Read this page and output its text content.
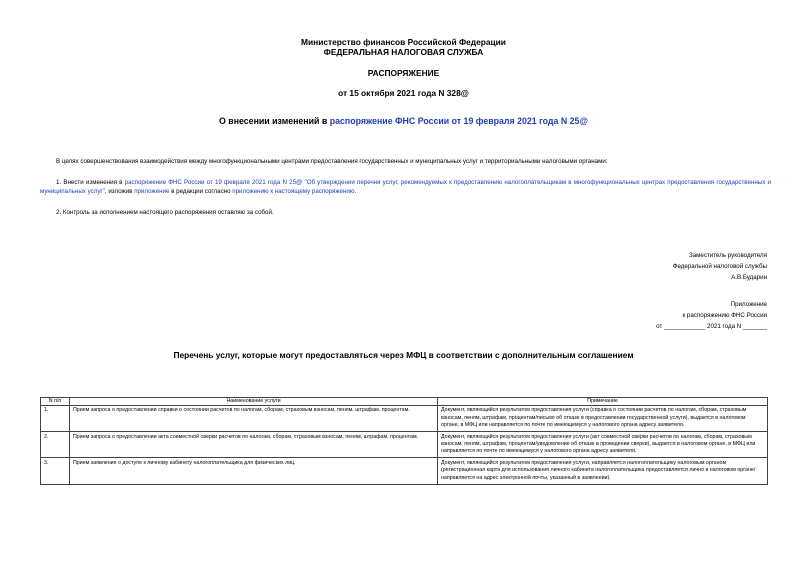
Министерство финансов Российской Федерации
ФЕДЕРАЛЬНАЯ НАЛОГОВАЯ СЛУЖБА
РАСПОРЯЖЕНИЕ
от 15 октября 2021 года N 328@
О внесении изменений в распоряжение ФНС России от 19 февраля 2021 года N 25@
В целях совершенствования взаимодействия между многофункциональными центрами предоставления государственных и муниципальных услуг и территориальными налоговыми органами:
1. Внести изменения в распоряжение ФНС России от 19 февраля 2021 года N 25@ "Об утверждении перечня услуг, рекомендуемых к предоставлению налогоплательщикам в многофункциональных центрах предоставления государственных и муниципальных услуг", изложив приложение в редакции согласно приложению к настоящему распоряжению.
2. Контроль за исполнением настоящего распоряжения оставляю за собой.
Заместитель руководителя
Федеральной налоговой службы
А.В.Бударин
Приложение
к распоряжению ФНС России
от ____________ 2021 года N _______
Перечень услуг, которые могут предоставляться через МФЦ в соответствии с дополнительным соглашением
N п/п	Наименование услуги	Примечание
1.	Прием запроса о предоставлении справки о состоянии расчетов по налогам, сборам, страховым взносам, пеням, штрафам, процентам.	Документ, являющийся результатом предоставления услуги (справка о состоянии расчетов по налогам, сборам, страховым взносам, пеням, штрафам, процентам/письмо об отказе в предоставлении государственной услуги), выдается в налоговом органе, в МФЦ или направляется по почте по имеющемуся у налогового органа адресу заявителя.
2.	Прием запроса о предоставлении акта совместной сверки расчетов по налогам, сборам, страховым взносам, пеням, штрафам, процентам.	Документ, являющийся результатом предоставления услуги (акт совместной сверки расчетов по налогам, сборам, страховым взносам, пеням, штрафам, процентам/уведомление об отказе в проведении сверки), выдается в налоговом органе, в МФЦ или направляется по почте по имеющемуся у налогового органа адресу заявителя.
3.	Прием заявления о доступе к личному кабинету налогоплательщика для физических лиц.	Документ, являющийся результатом предоставления услуги, направляется налогоплательщику налоговым органом (регистрационная карта для использования личного кабинета налогоплательщика предоставляется лично в налоговом органе/направляется на адрес электронной почты, указанный в заявлении).
